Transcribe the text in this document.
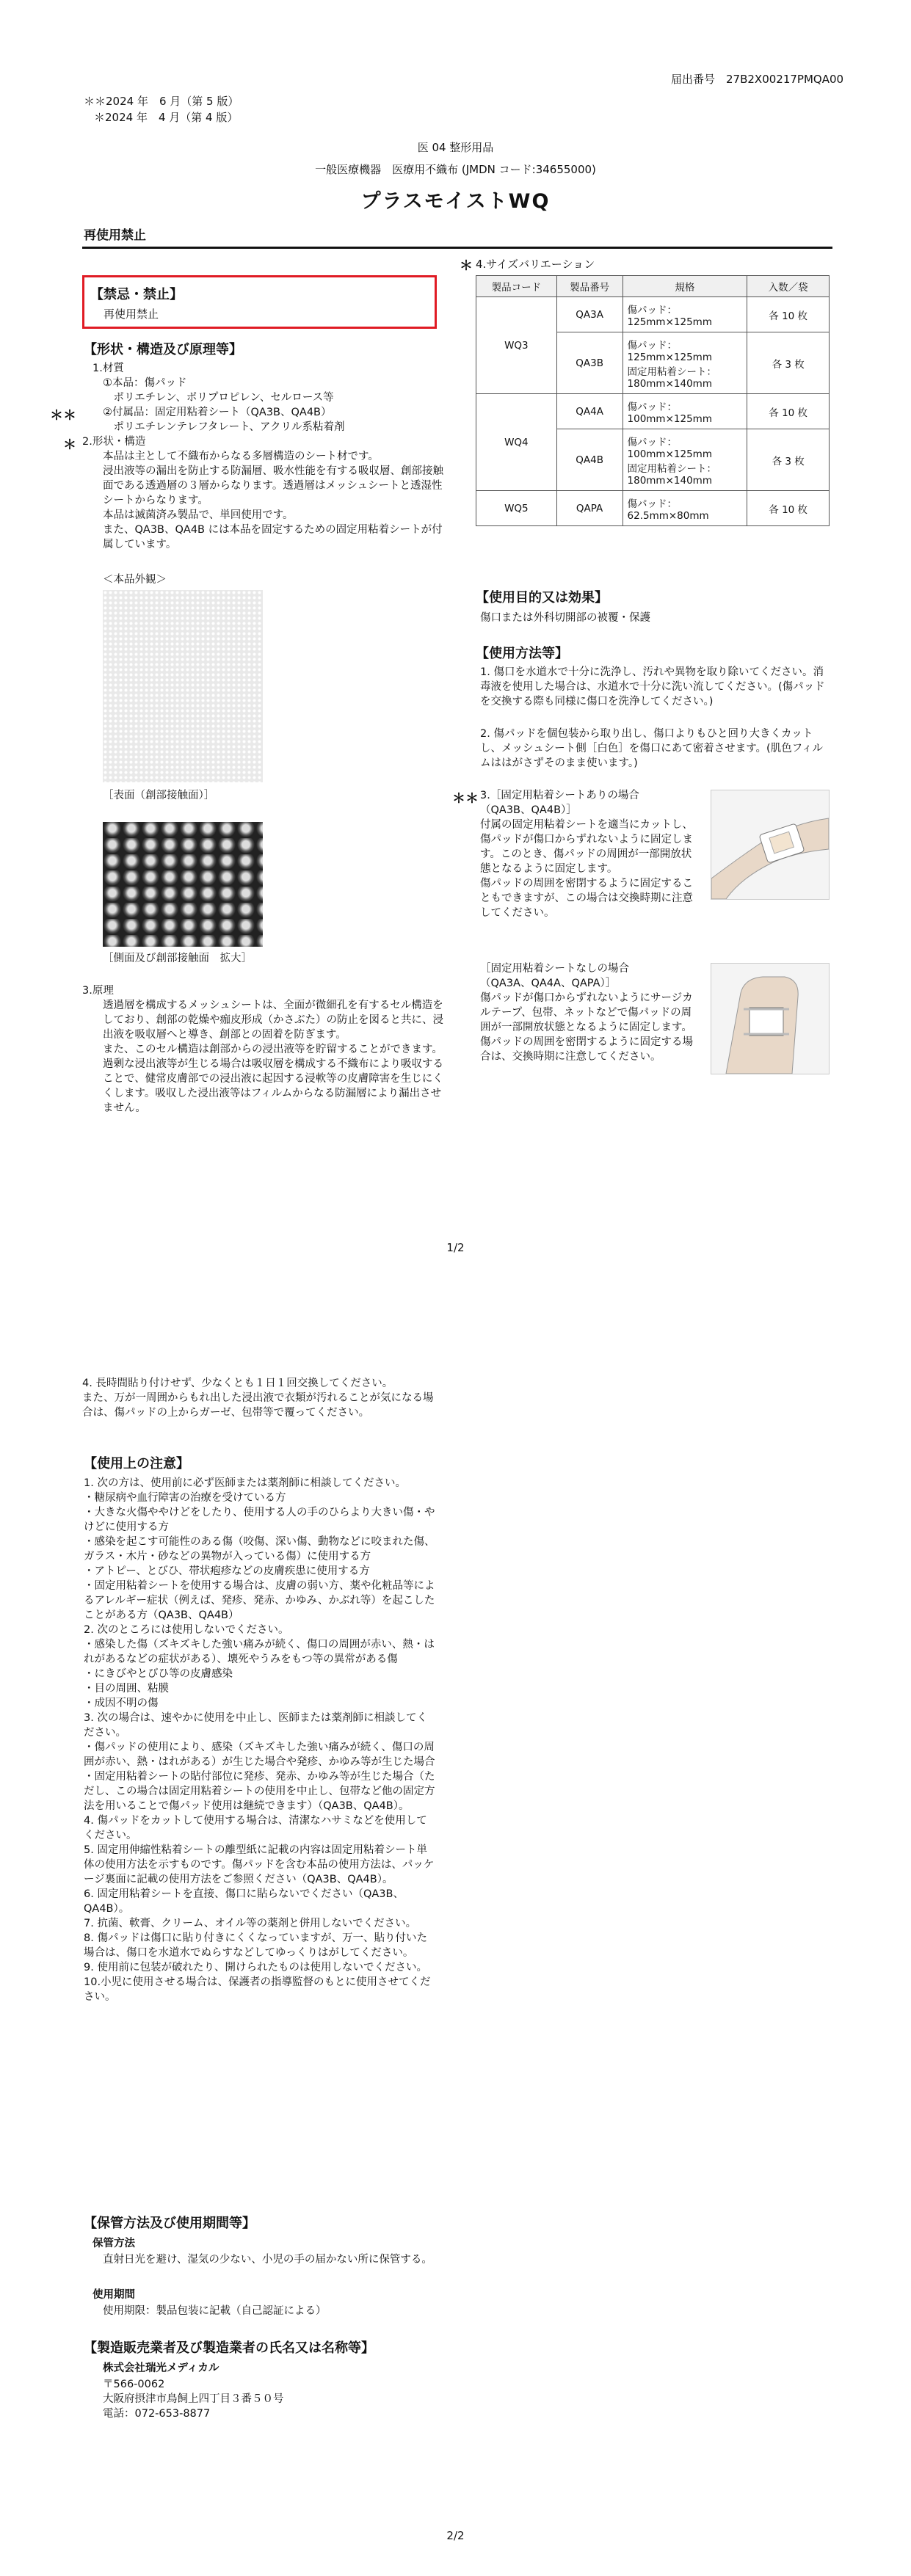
届出番号　27B2X00217PMQA00
＊＊2024 年　6 月（第 5 版）
＊2024 年　4 月（第 4 版）
医 04 整形用品
一般医療機器　医療用不織布 (JMDN コード:34655000)
プラスモイストWQ
再使用禁止
【禁忌・禁止】
再使用禁止
【形状・構造及び原理等】
1.材質
①本品：傷パッド
　ポリエチレン、ポリプロピレン、セルロース等
＊＊ ②付属品：固定用粘着シート（QA3B、QA4B）
　ポリエチレンテレフタレート、アクリル系粘着剤
＊ 2.形状・構造
本品は主として不織布からなる多層構造のシート材です。
浸出液等の漏出を防止する防漏層、吸水性能を有する吸収層、創部接触面である透過層の３層からなります。透過層はメッシュシートと透湿性シートからなります。
本品は滅菌済み製品で、単回使用です。
また、QA3B、QA4B には本品を固定するための固定用粘着シートが付属しています。
＜本品外観＞
［表面（創部接触面）］
［側面及び創部接触面　拡大］
3.原理
透過層を構成するメッシュシートは、全面が微細孔を有するセル構造をしており、創部の乾燥や痂皮形成（かさぶた）の防止を図ると共に、浸出液を吸収層へと導き、創部との固着を防ぎます。
また、このセル構造は創部からの浸出液等を貯留することができます。過剰な浸出液等が生じる場合は吸収層を構成する不織布により吸収することで、健常皮膚部での浸出液に起因する浸軟等の皮膚障害を生じにくくします。吸収した浸出液等はフィルムからなる防漏層により漏出させません。
＊ 4.サイズバリエーション
製品コード	製品番号	規格	入数／袋
WQ3	QA3A	傷パッド：
125mm×125mm	各 10 枚
	QA3B	傷パッド：
125mm×125mm
固定用粘着シート：
180mm×140mm	各 3 枚
WQ4	QA4A	傷パッド：
100mm×125mm	各 10 枚
	QA4B	傷パッド：
100mm×125mm
固定用粘着シート：
180mm×140mm	各 3 枚
WQ5	QAPA	傷パッド：
62.5mm×80mm	各 10 枚
【使用目的又は効果】
傷口または外科切開部の被覆・保護
【使用方法等】
1. 傷口を水道水で十分に洗浄し、汚れや異物を取り除いてください。消毒液を使用した場合は、水道水で十分に洗い流してください。(傷パッドを交換する際も同様に傷口を洗浄してください。)
2. 傷パッドを個包装から取り出し、傷口よりもひと回り大きくカットし、メッシュシート側［白色］を傷口にあて密着させます。(肌色フィルムははがさずそのまま使います。)
＊＊ 3.［固定用粘着シートありの場合
（QA3B、QA4B）］
付属の固定用粘着シートを適当にカットし、傷パッドが傷口からずれないように固定します。このとき、傷パッドの周囲が一部開放状態となるように固定します。
傷パッドの周囲を密閉するように固定することもできますが、この場合は交換時期に注意してください。
［固定用粘着シートなしの場合
（QA3A、QA4A、QAPA）］
傷パッドが傷口からずれないようにサージカルテープ、包帯、ネットなどで傷パッドの周囲が一部開放状態となるように固定します。
傷パッドの周囲を密閉するように固定する場合は、交換時期に注意してください。
1/2
4. 長時間貼り付けせず、少なくとも１日１回交換してください。
また、万が一周囲からもれ出した浸出液で衣類が汚れることが気になる場合は、傷パッドの上からガーゼ、包帯等で覆ってください。
【使用上の注意】
1. 次の方は、使用前に必ず医師または薬剤師に相談してください。
・糖尿病や血行障害の治療を受けている方
・大きな火傷ややけどをしたり、使用する人の手のひらより大きい傷・やけどに使用する方
・感染を起こす可能性のある傷（咬傷、深い傷、動物などに咬まれた傷、ガラス・木片・砂などの異物が入っている傷）に使用する方
・アトピー、とびひ、帯状疱疹などの皮膚疾患に使用する方
・固定用粘着シートを使用する場合は、皮膚の弱い方、薬や化粧品等によるアレルギー症状（例えば、発疹、発赤、かゆみ、かぶれ等）を起こしたことがある方（QA3B、QA4B）
2. 次のところには使用しないでください。
・感染した傷（ズキズキした強い痛みが続く、傷口の周囲が赤い、熱・はれがあるなどの症状がある）、壊死やうみをもつ等の異常がある傷
・にきびやとびひ等の皮膚感染
・目の周囲、粘膜
・成因不明の傷
3. 次の場合は、速やかに使用を中止し、医師または薬剤師に相談してください。
・傷パッドの使用により、感染（ズキズキした強い痛みが続く、傷口の周囲が赤い、熱・はれがある）が生じた場合や発疹、かゆみ等が生じた場合
・固定用粘着シートの貼付部位に発疹、発赤、かゆみ等が生じた場合（ただし、この場合は固定用粘着シートの使用を中止し、包帯など他の固定方法を用いることで傷パッド使用は継続できます）（QA3B、QA4B）。
4. 傷パッドをカットして使用する場合は、清潔なハサミなどを使用してください。
5. 固定用伸縮性粘着シートの離型紙に記載の内容は固定用粘着シート単体の使用方法を示すものです。傷パッドを含む本品の使用方法は、パッケージ裏面に記載の使用方法をご参照ください（QA3B、QA4B）。
6. 固定用粘着シートを直接、傷口に貼らないでください（QA3B、QA4B）。
7. 抗菌、軟膏、クリーム、オイル等の薬剤と併用しないでください。
8. 傷パッドは傷口に貼り付きにくくなっていますが、万一、貼り付いた場合は、傷口を水道水でぬらすなどしてゆっくりはがしてください。
9. 使用前に包装が破れたり、開けられたものは使用しないでください。
10.小児に使用させる場合は、保護者の指導監督のもとに使用させてください。
【保管方法及び使用期間等】
保管方法
直射日光を避け、湿気の少ない、小児の手の届かない所に保管する。
使用期間
使用期限：製品包装に記載（自己認証による）
【製造販売業者及び製造業者の氏名又は名称等】
株式会社瑞光メディカル
〒566-0062
大阪府摂津市鳥飼上四丁目３番５０号
電話：072-653-8877
2/2
